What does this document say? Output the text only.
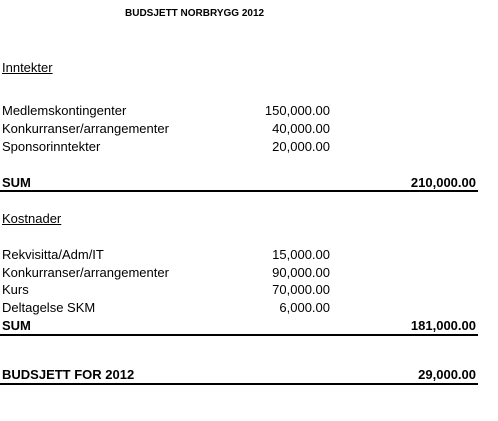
BUDSJETT NORBRYGG 2012
Inntekter
Medlemskontingenter	150,000.00
Konkurranser/arrangementer	40,000.00
Sponsorinntekter	20,000.00
SUM	210,000.00
Kostnader
Rekvisitta/Adm/IT	15,000.00
Konkurranser/arrangementer	90,000.00
Kurs	70,000.00
Deltagelse SKM	6,000.00
SUM	181,000.00
BUDSJETT FOR 2012	29,000.00
